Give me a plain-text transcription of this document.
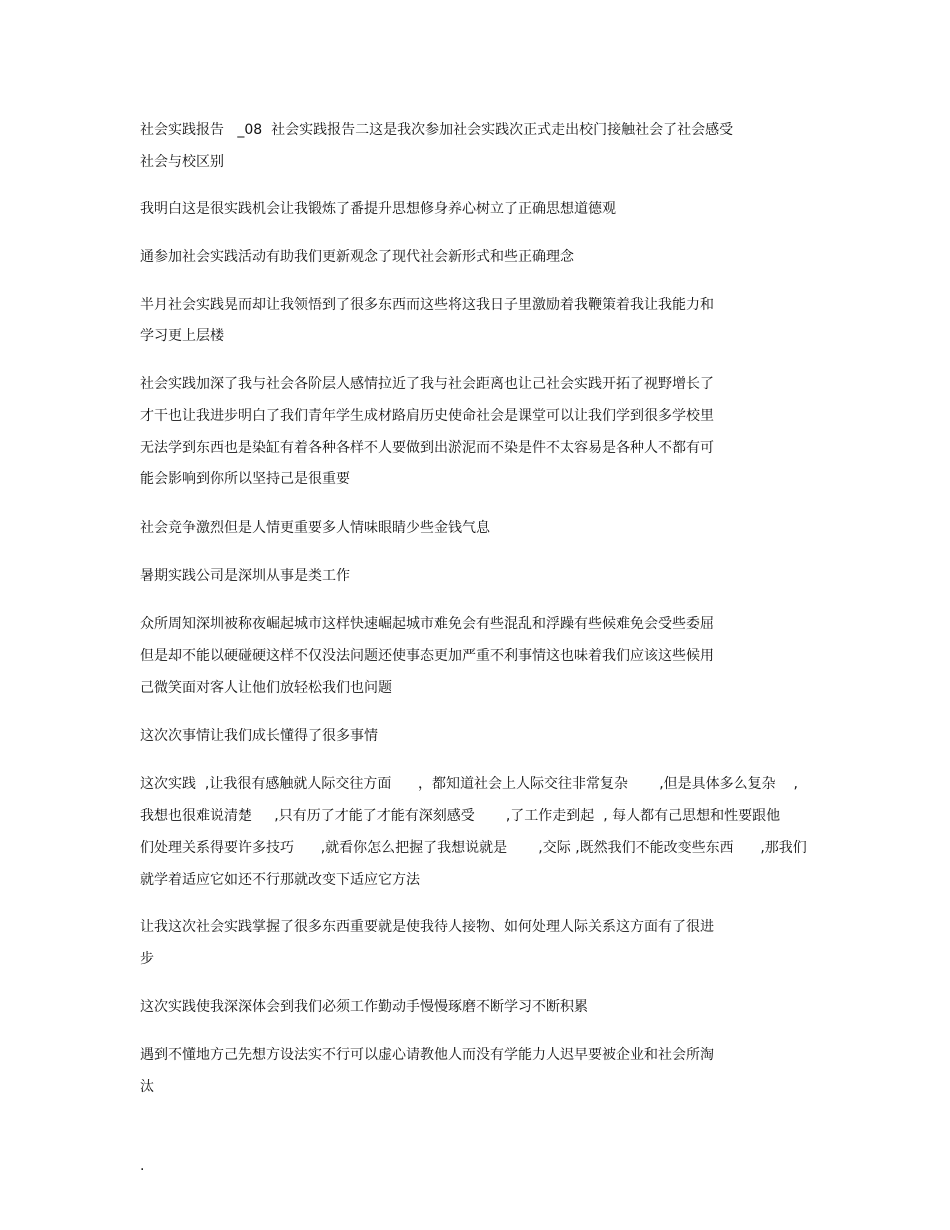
社会实践报告   _08  社会实践报告二这是我次参加社会实践次正式走出校门接触社会了社会感受

社会与校区别

我明白这是很实践机会让我锻炼了番提升思想修身养心树立了正确思想道德观

通参加社会实践活动有助我们更新观念了现代社会新形式和些正确理念

半月社会实践晃而却让我领悟到了很多东西而这些将这我日子里激励着我鞭策着我让我能力和

学习更上层楼

社会实践加深了我与社会各阶层人感情拉近了我与社会距离也让己社会实践开拓了视野增长了

才干也让我进步明白了我们青年学生成材路肩历史使命社会是课堂可以让我们学到很多学校里

无法学到东西也是染缸有着各种各样不人要做到出淤泥而不染是件不太容易是各种人不都有可

能会影响到你所以坚持己是很重要

社会竞争激烈但是人情更重要多人情味眼睛少些金钱气息

暑期实践公司是深圳从事是类工作

众所周知深圳被称夜崛起城市这样快速崛起城市难免会有些混乱和浮躁有些候难免会受些委屈

但是却不能以硬碰硬这样不仅没法问题还使事态更加严重不利事情这也味着我们应该这些候用

己微笑面对客人让他们放轻松我们也问题

这次次事情让我们成长懂得了很多事情

这次实践  ,让我很有感触就人际交往方面      ，都知道社会上人际交往非常复杂       ,但是具体多么复杂    ,

我想也很难说清楚     ,只有历了才能了才能有深刻感受       ,了工作走到起  , 每人都有己思想和性要跟他

们处理关系得要许多技巧      ,就看你怎么把握了我想说就是       ,交际 ,既然我们不能改变些东西      ,那我们

就学着适应它如还不行那就改变下适应它方法

让我这次社会实践掌握了很多东西重要就是使我待人接物、如何处理人际关系这方面有了很进

步

这次实践使我深深体会到我们必须工作勤动手慢慢琢磨不断学习不断积累

遇到不懂地方己先想方设法实不行可以虚心请教他人而没有学能力人迟早要被企业和社会所淘

汰

.
